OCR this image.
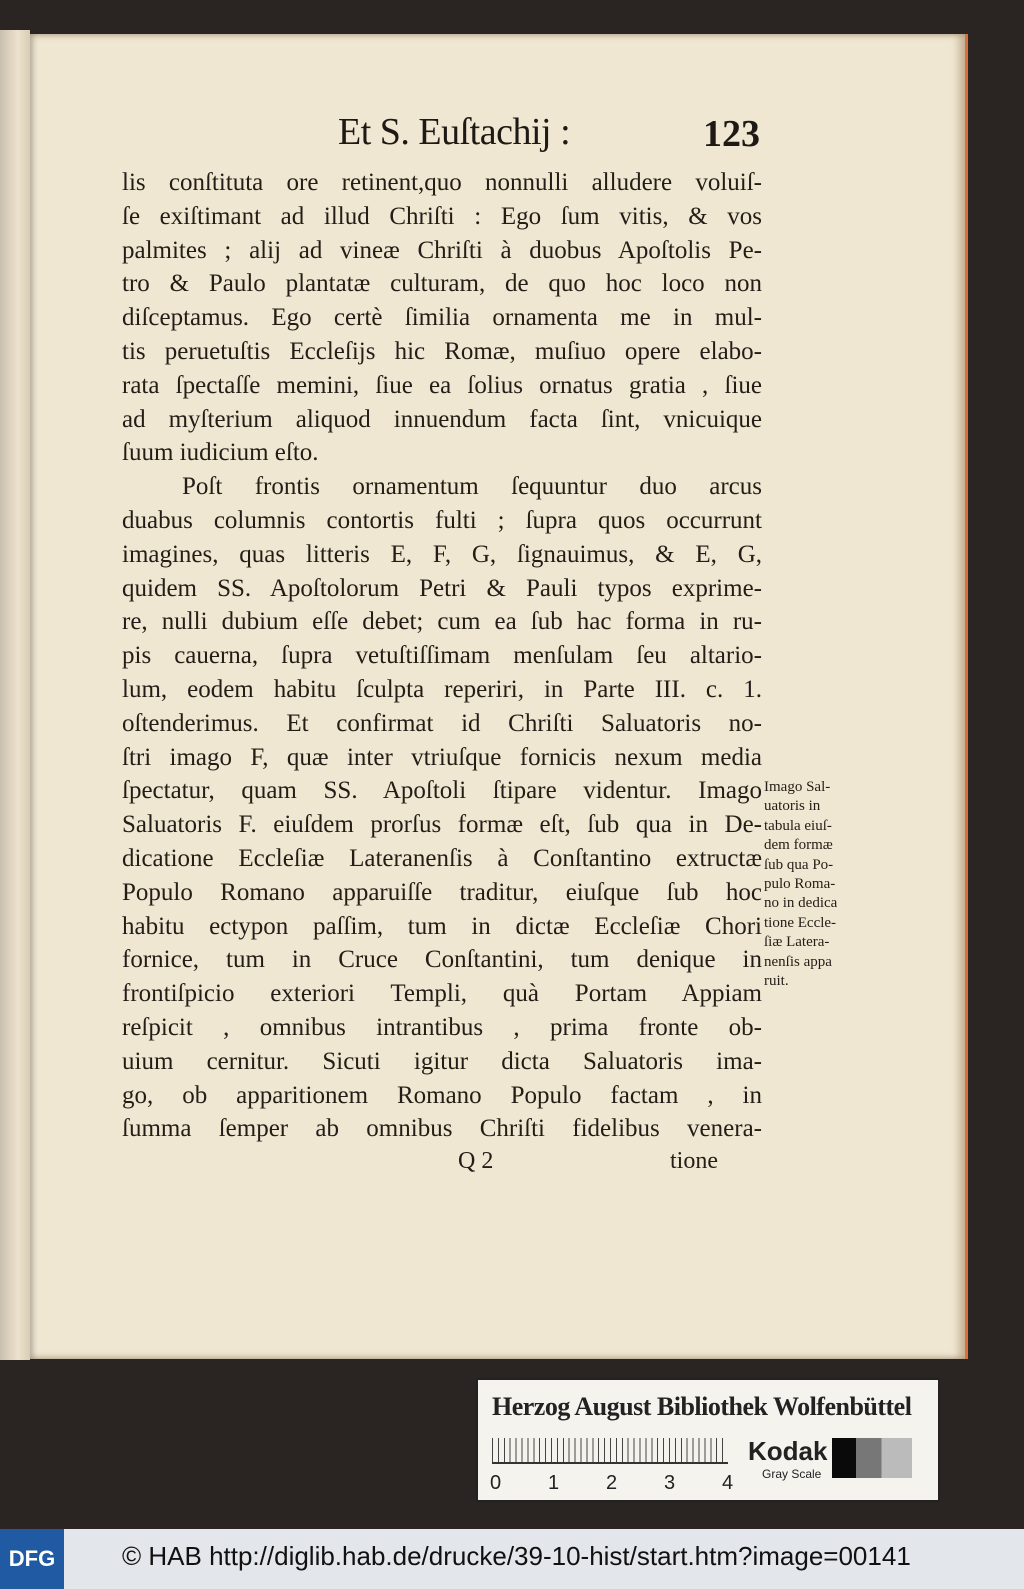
Et S. Euſtachij :	123
lis conſtituta ore retinent,quo nonnulli alludere voluiſ-
ſe exiſtimant ad illud Chriſti : Ego ſum vitis, & vos
palmites ; alij ad vineæ Chriſti à duobus Apoſtolis Pe-
tro & Paulo plantatæ culturam, de quo hoc loco non
diſceptamus. Ego certè ſimilia ornamenta me in mul-
tis peruetuſtis Eccleſijs hic Romæ, muſiuo opere elabo-
rata ſpectaſſe memini, ſiue ea ſolius ornatus gratia , ſiue
ad myſterium aliquod innuendum facta ſint, vnicuique
ſuum iudicium eſto.
Poſt frontis ornamentum ſequuntur duo arcus
duabus columnis contortis fulti ; ſupra quos occurrunt
imagines, quas litteris E, F, G, ſignauimus, & E, G,
quidem SS. Apoſtolorum Petri & Pauli typos exprime-
re, nulli dubium eſſe debet; cum ea ſub hac forma in ru-
pis cauerna, ſupra vetuſtiſſimam menſulam ſeu altario-
lum, eodem habitu ſculpta reperiri, in Parte III. c. 1.
oſtenderimus. Et confirmat id Chriſti Saluatoris no-
ſtri imago F, quæ inter vtriuſque fornicis nexum media
ſpectatur, quam SS. Apoſtoli ſtipare videntur. Imago
Saluatoris F. eiuſdem prorſus formæ eſt, ſub qua in De-
dicatione Eccleſiæ Lateranenſis à Conſtantino extructæ
Populo Romano apparuiſſe traditur, eiuſque ſub hoc
habitu ectypon paſſim, tum in dictæ Eccleſiæ Chori
fornice, tum in Cruce Conſtantini, tum denique in
frontiſpicio exteriori Templi, quà Portam Appiam
reſpicit , omnibus intrantibus , prima fronte ob-
uium cernitur. Sicuti igitur dicta Saluatoris ima-
go, ob apparitionem Romano Populo factam , in
ſumma ſemper ab omnibus Chriſti fidelibus venera-
Imago Sal-
uatoris in
tabula eiuſ-
dem formæ
ſub qua Po-
pulo Roma-
no in dedica
tione Eccle-
ſiæ Latera-
nenſis appa
ruit.
Q 2	tione
Herzog August Bibliothek Wolfenbüttel
0 1 2 3 4
Kodak
Gray Scale
DFG	© HAB http://diglib.hab.de/drucke/39-10-hist/start.htm?image=00141
